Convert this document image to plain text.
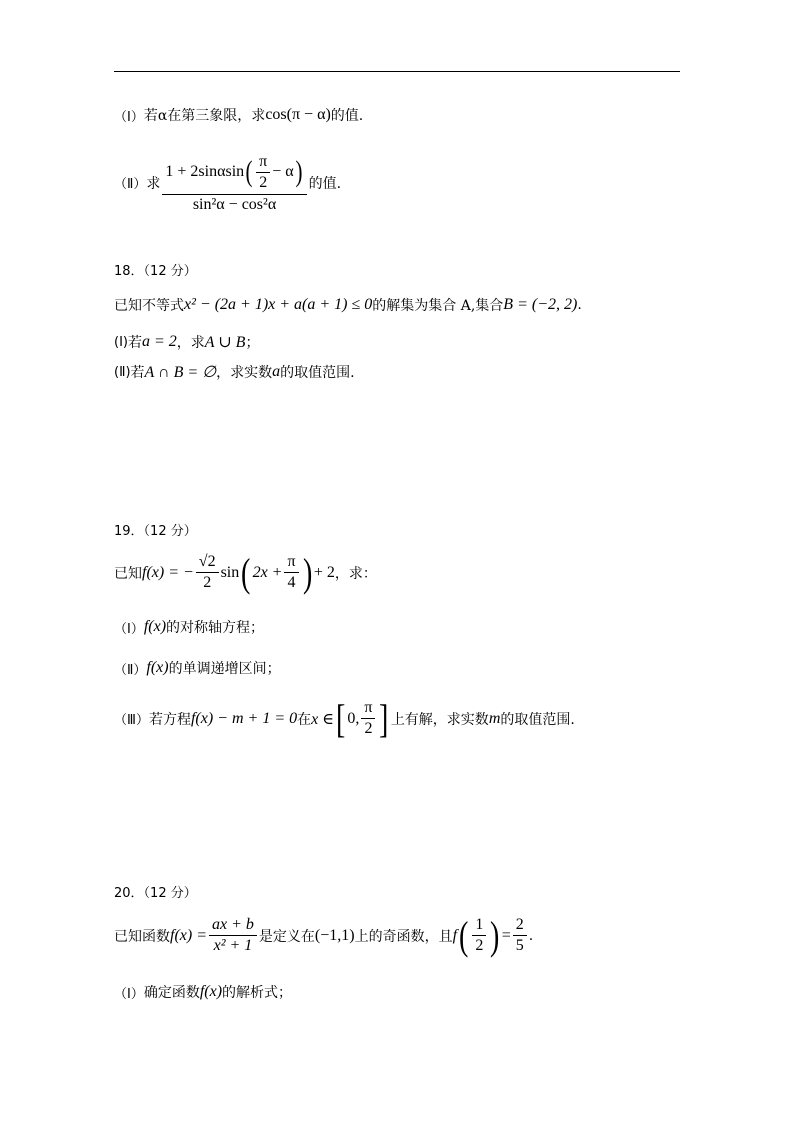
（Ⅰ） 若α在第三象限，求 cos(π − α) 的值.
（Ⅱ） 求
1 + 2sinαsin ( $\frac{\pi}{2} - \alpha$ )
sin²α − cos²α
的值.
18．（12 分）
已知不等式 x² − (2a + 1)x + a(a + 1) ≤ 0 的解集为集合 A,集合 B = (−2, 2) .
(Ⅰ) 若 a = 2 ，求 A ∪ B ；
(Ⅱ) 若 A ∩ B = ∅ ，求实数 a 的取值范围.
19．（12 分）
已知 f(x) = − $\frac{√2}{2}$ sin ( $2x + \frac{\pi}{4}$ ) + 2 ，求：
（Ⅰ） f(x) 的对称轴方程；
（Ⅱ） f(x) 的单调递增区间；
（Ⅲ） 若方程 f(x) − m + 1 = 0 在 x ∈ [ 0, $\frac{\pi}{2}$ ] 上有解，求实数 m 的取值范围.
20．（12 分）
已知函数 $f(x) = \frac{ax + b}{\text{x² + 1}}$ 是定义在 (−1,1) 上的奇函数，且 f ( $\frac{1}{2}$ ) = $\frac{2}{5}$ .
（Ⅰ） 确定函数 f(x) 的解析式；
